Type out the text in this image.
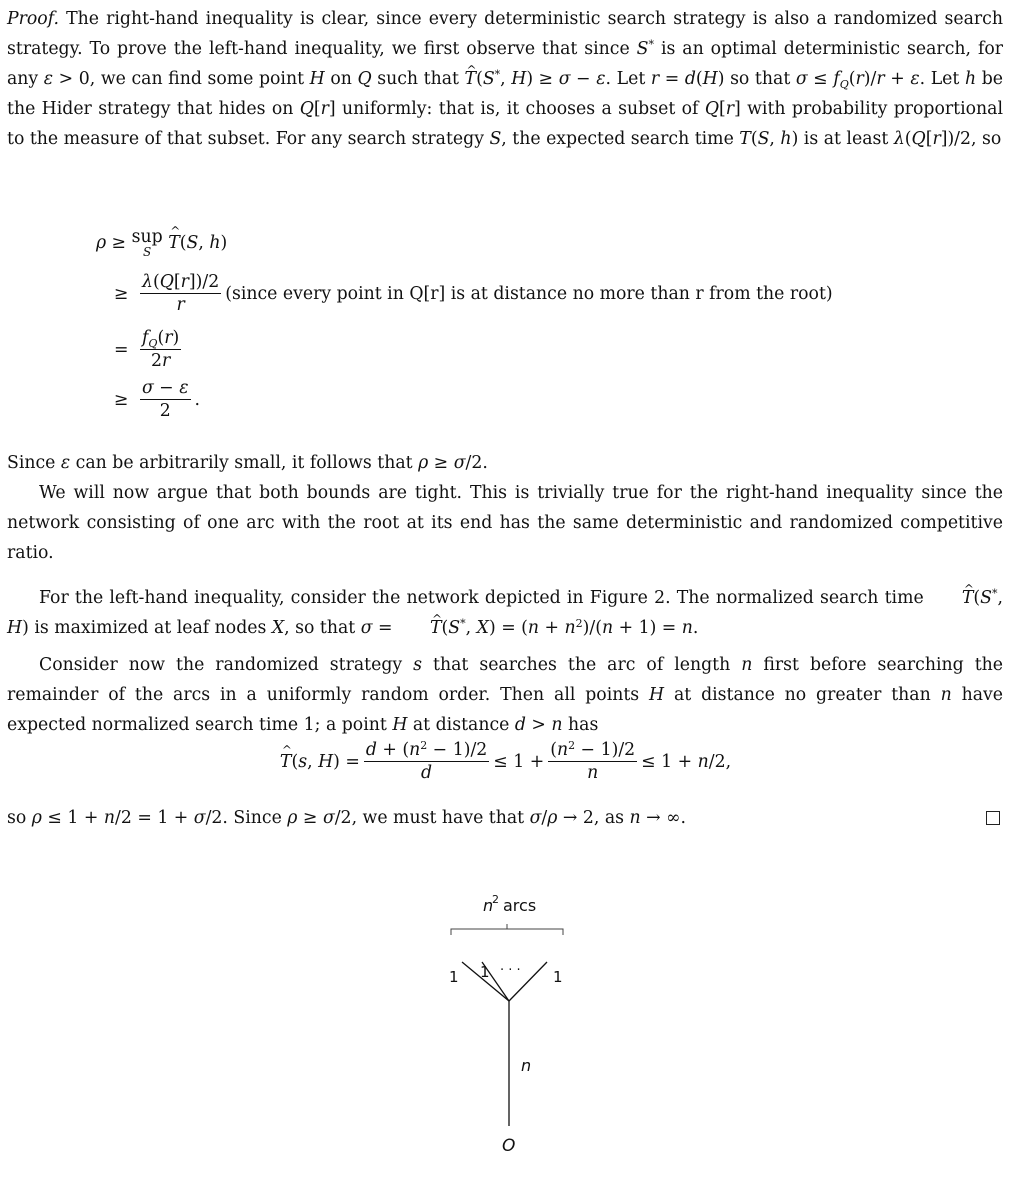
Proof. The right-hand inequality is clear, since every deterministic search strategy is also a randomized search strategy. To prove the left-hand inequality, we first observe that since S* is an optimal deterministic search, for any ε > 0, we can find some point H on Q such that ^ T(S*, H) ≥ σ − ε. Let r = d(H) so that $\sigma \le f_Q(r)/r + \varepsilon$. Let h be the Hider strategy that hides on Q[r] uniformly: that is, it chooses a subset of Q[r] with probability proportional to the measure of that subset. For any search strategy S, the expected search time T(S, h) is at least λ(Q[r])/2, so

ρ ≥ sup
S
^ T(S, h)
≥ $\frac{\lambda(Q[r])/2}{r}$ (since every point in Q[r] is at distance no more than r from the root)
= $\frac{f_Q(r)}{2r}$
≥ $\frac{\sigma - \varepsilon}{2}$ .

Since ε can be arbitrarily small, it follows that ρ ≥ σ/2.

We will now argue that both bounds are tight. This is trivially true for the right-hand inequality since the network consisting of one arc with the root at its end has the same deterministic and randomized competitive ratio.

For the left-hand inequality, consider the network depicted in Figure 2. The normalized search time ^ T(S*, H) is maximized at leaf nodes X, so that σ = ^ T(S*, $X) = (n + n^2)/(n + 1) = n$.

Consider now the randomized strategy s that searches the arc of length n first before searching the remainder of the arcs in a uniformly random order. Then all points H at distance no greater than n have expected normalized search time 1; a point H at distance d > n has

^ T(s, $H) = \frac{d + (n^2 - 1)/2}{d} \le 1 + \frac{(n^2 - 1)/2}{n} \le 1 + n/2$,

so ρ ≤ 1 + n/2 = 1 + σ/2. Since ρ ≥ σ/2, we must have that σ/ρ → 2, as n → ∞.

n
2 arcs
1 1 · · · 1
n
O
